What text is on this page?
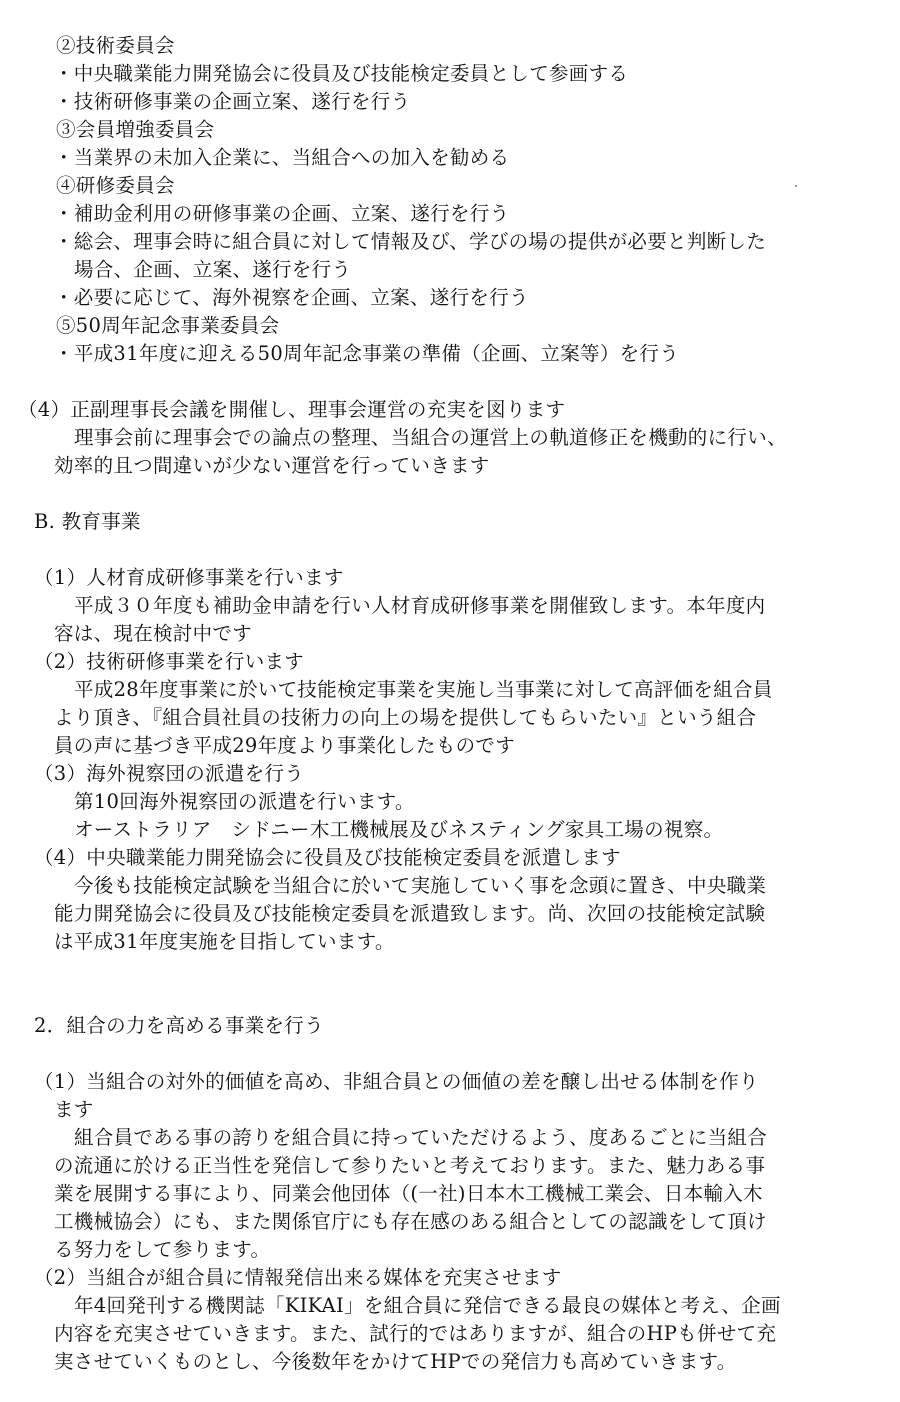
②技術委員会
・中央職業能力開発協会に役員及び技能検定委員として参画する
・技術研修事業の企画立案、遂行を行う
③会員増強委員会
・当業界の未加入企業に、当組合への加入を勧める
④研修委員会
・補助金利用の研修事業の企画、立案、遂行を行う
・総会、理事会時に組合員に対して情報及び、学びの場の提供が必要と判断した
場合、企画、立案、遂行を行う
・必要に応じて、海外視察を企画、立案、遂行を行う
⑤50周年記念事業委員会
・平成31年度に迎える50周年記念事業の準備（企画、立案等）を行う
（4）正副理事長会議を開催し、理事会運営の充実を図ります
理事会前に理事会での論点の整理、当組合の運営上の軌道修正を機動的に行い、
効率的且つ間違いが少ない運営を行っていきます
B. 教育事業
（1）人材育成研修事業を行います
平成３０年度も補助金申請を行い人材育成研修事業を開催致します。本年度内
容は、現在検討中です
（2）技術研修事業を行います
平成28年度事業に於いて技能検定事業を実施し当事業に対して高評価を組合員
より頂き、『組合員社員の技術力の向上の場を提供してもらいたい』という組合
員の声に基づき平成29年度より事業化したものです
（3）海外視察団の派遣を行う
第10回海外視察団の派遣を行います。
オーストラリア　シドニー木工機械展及びネスティング家具工場の視察。
（4）中央職業能力開発協会に役員及び技能検定委員を派遣します
今後も技能検定試験を当組合に於いて実施していく事を念頭に置き、中央職業
能力開発協会に役員及び技能検定委員を派遣致します。尚、次回の技能検定試験
は平成31年度実施を目指しています。
2．組合の力を高める事業を行う
（1）当組合の対外的価値を高め、非組合員との価値の差を醸し出せる体制を作り
ます
組合員である事の誇りを組合員に持っていただけるよう、度あるごとに当組合
の流通に於ける正当性を発信して参りたいと考えております。また、魅力ある事
業を展開する事により、同業会他団体（(一社)日本木工機械工業会、日本輸入木
工機械協会）にも、また関係官庁にも存在感のある組合としての認識をして頂け
る努力をして参ります。
（2）当組合が組合員に情報発信出来る媒体を充実させます
年4回発刊する機関誌「KIKAI」を組合員に発信できる最良の媒体と考え、企画
内容を充実させていきます。また、試行的ではありますが、組合のHPも併せて充
実させていくものとし、今後数年をかけてHPでの発信力も高めていきます。
